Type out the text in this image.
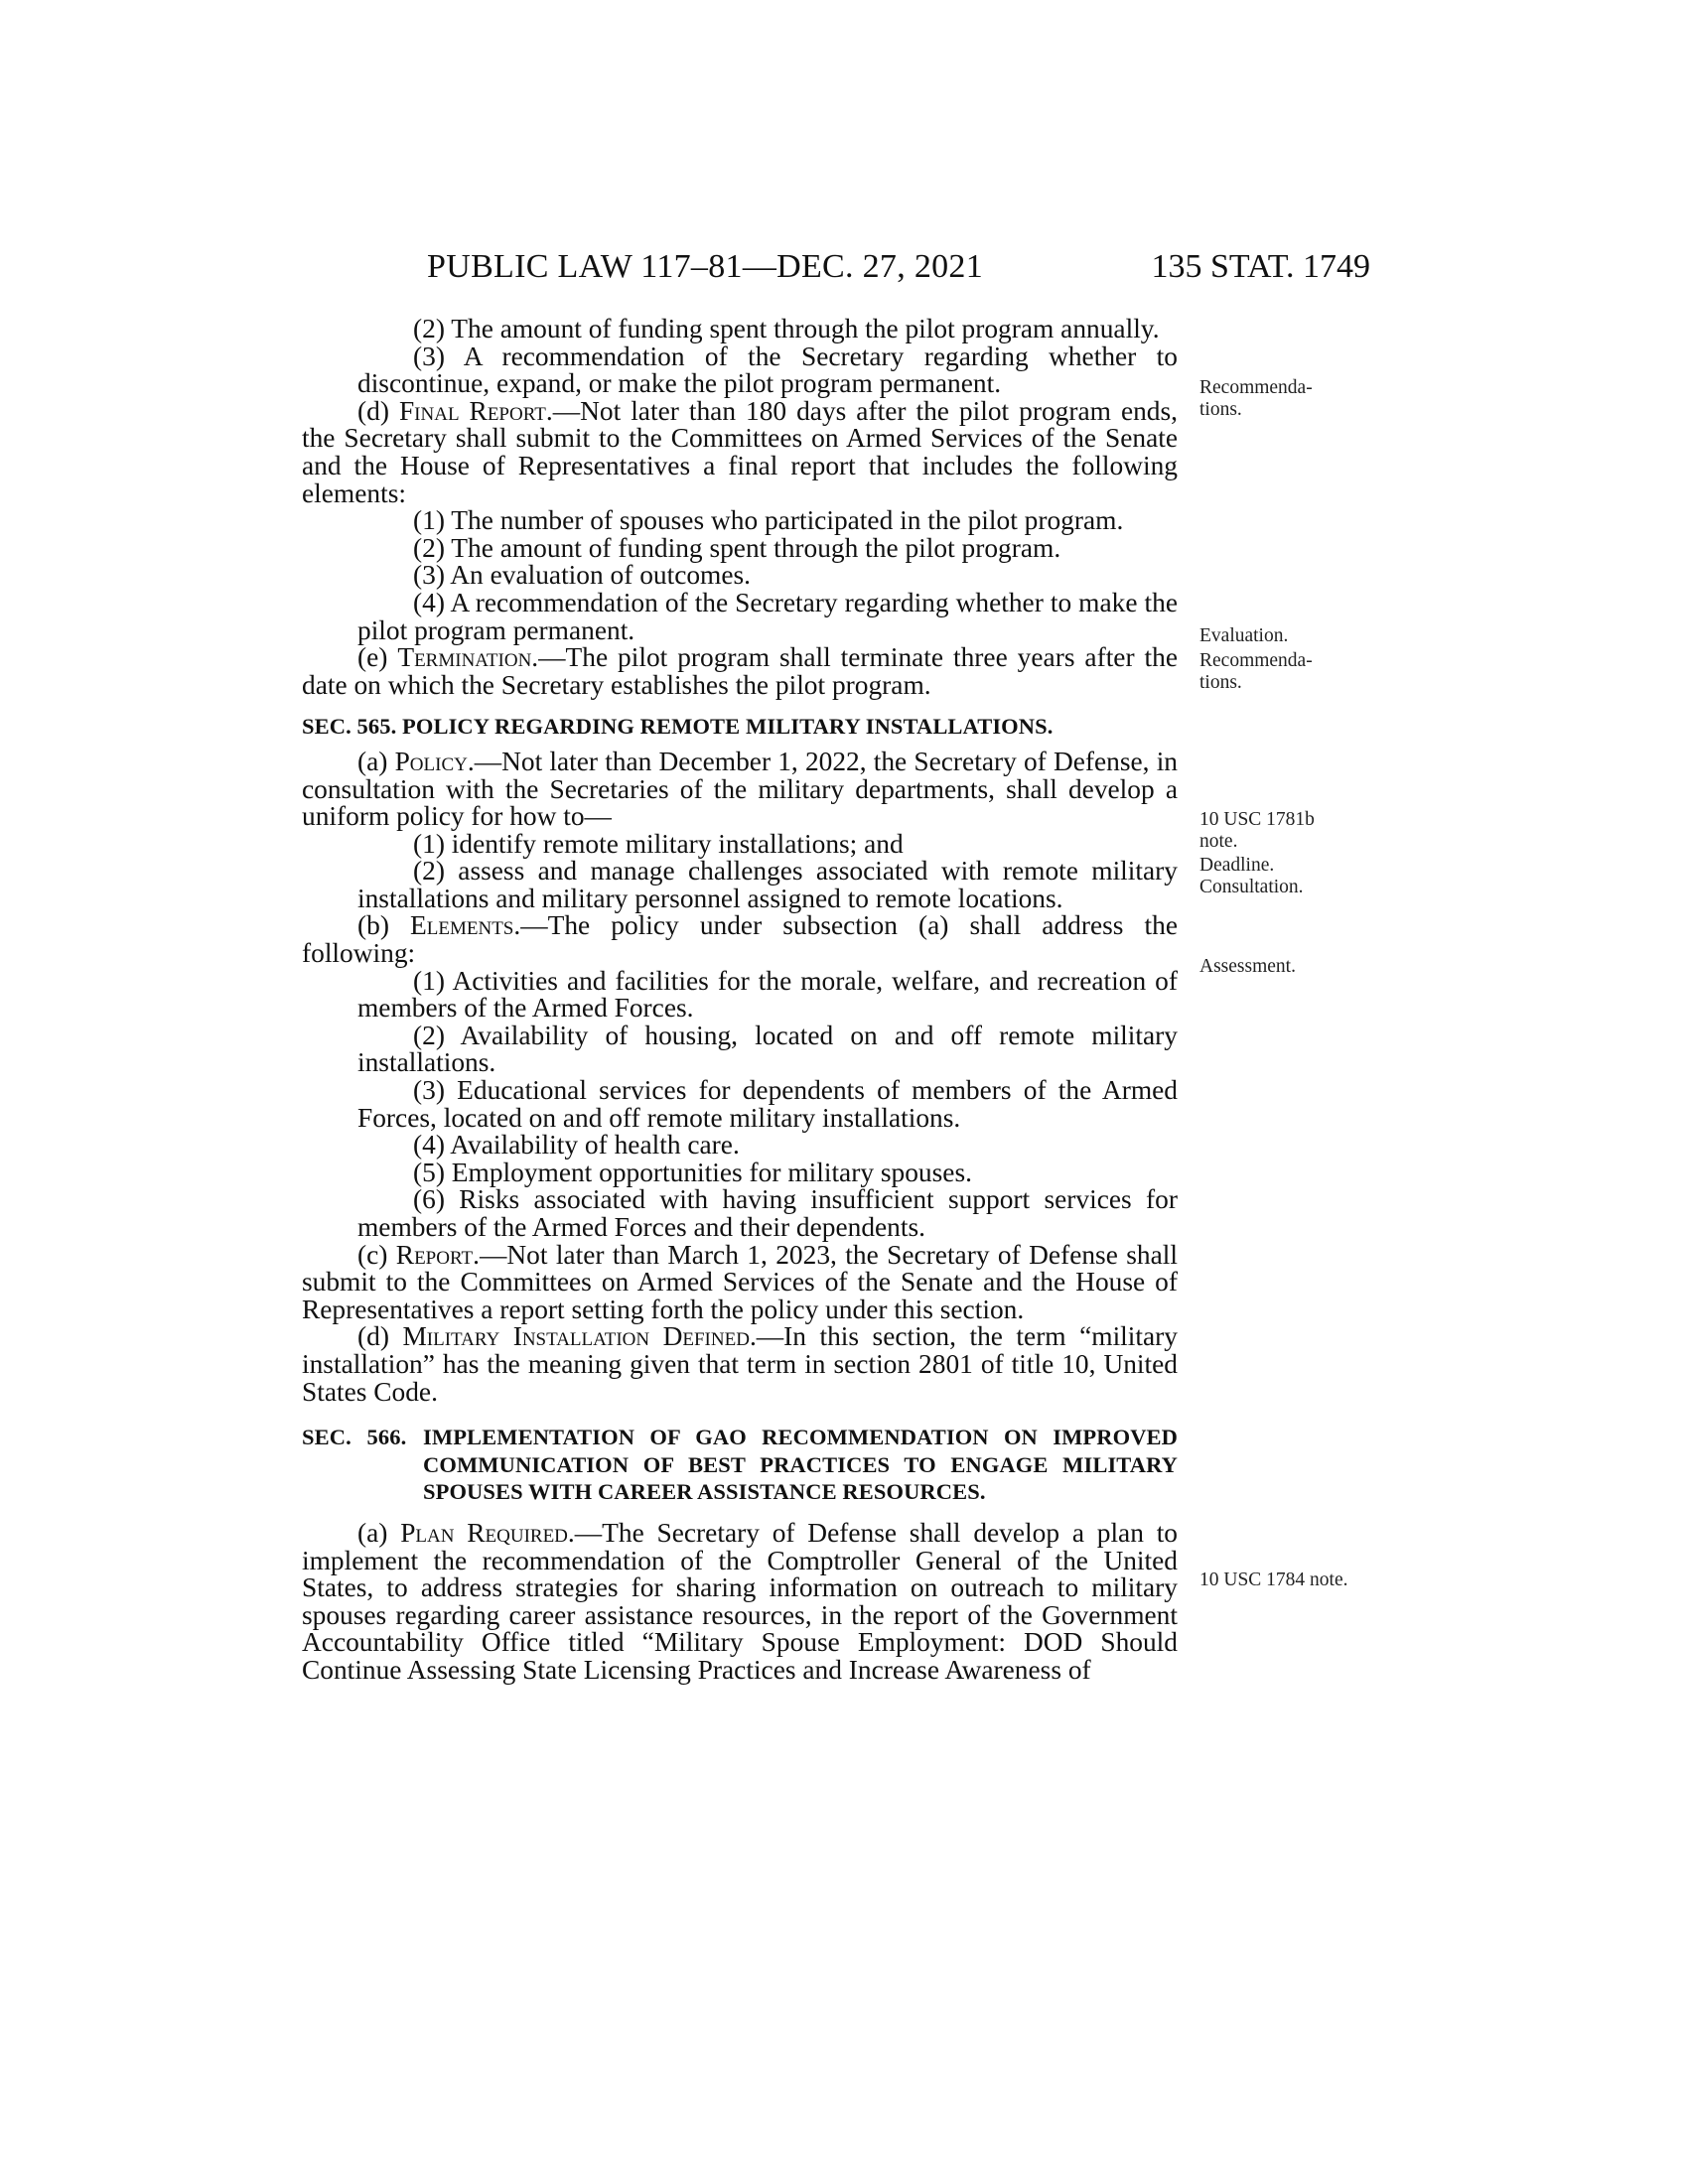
PUBLIC LAW 117–81—DEC. 27, 2021	135 STAT. 1749

(2) The amount of funding spent through the pilot program annually.

(3) A recommendation of the Secretary regarding whether to discontinue, expand, or make the pilot program permanent.

(d) Final Report.—Not later than 180 days after the pilot program ends, the Secretary shall submit to the Committees on Armed Services of the Senate and the House of Representatives a final report that includes the following elements:

(1) The number of spouses who participated in the pilot program.

(2) The amount of funding spent through the pilot program.

(3) An evaluation of outcomes.

(4) A recommendation of the Secretary regarding whether to make the pilot program permanent.

(e) Termination.—The pilot program shall terminate three years after the date on which the Secretary establishes the pilot program.

SEC. 565. POLICY REGARDING REMOTE MILITARY INSTALLATIONS.

(a) Policy.—Not later than December 1, 2022, the Secretary of Defense, in consultation with the Secretaries of the military departments, shall develop a uniform policy for how to—

(1) identify remote military installations; and

(2) assess and manage challenges associated with remote military installations and military personnel assigned to remote locations.

(b) Elements.—The policy under subsection (a) shall address the following:

(1) Activities and facilities for the morale, welfare, and recreation of members of the Armed Forces.

(2) Availability of housing, located on and off remote military installations.

(3) Educational services for dependents of members of the Armed Forces, located on and off remote military installations.

(4) Availability of health care.

(5) Employment opportunities for military spouses.

(6) Risks associated with having insufficient support services for members of the Armed Forces and their dependents.

(c) Report.—Not later than March 1, 2023, the Secretary of Defense shall submit to the Committees on Armed Services of the Senate and the House of Representatives a report setting forth the policy under this section.

(d) Military Installation Defined.—In this section, the term “military installation” has the meaning given that term in section 2801 of title 10, United States Code.

SEC. 566. IMPLEMENTATION OF GAO RECOMMENDATION ON IMPROVED COMMUNICATION OF BEST PRACTICES TO ENGAGE MILITARY SPOUSES WITH CAREER ASSISTANCE RESOURCES.

(a) Plan Required.—The Secretary of Defense shall develop a plan to implement the recommendation of the Comptroller General of the United States, to address strategies for sharing information on outreach to military spouses regarding career assistance resources, in the report of the Government Accountability Office titled “Military Spouse Employment: DOD Should Continue Assessing State Licensing Practices and Increase Awareness of

Recommenda-tions.
Evaluation.
Recommenda-tions.
10 USC 1781b note.
Deadline.
Consultation.
Assessment.
10 USC 1784 note.
